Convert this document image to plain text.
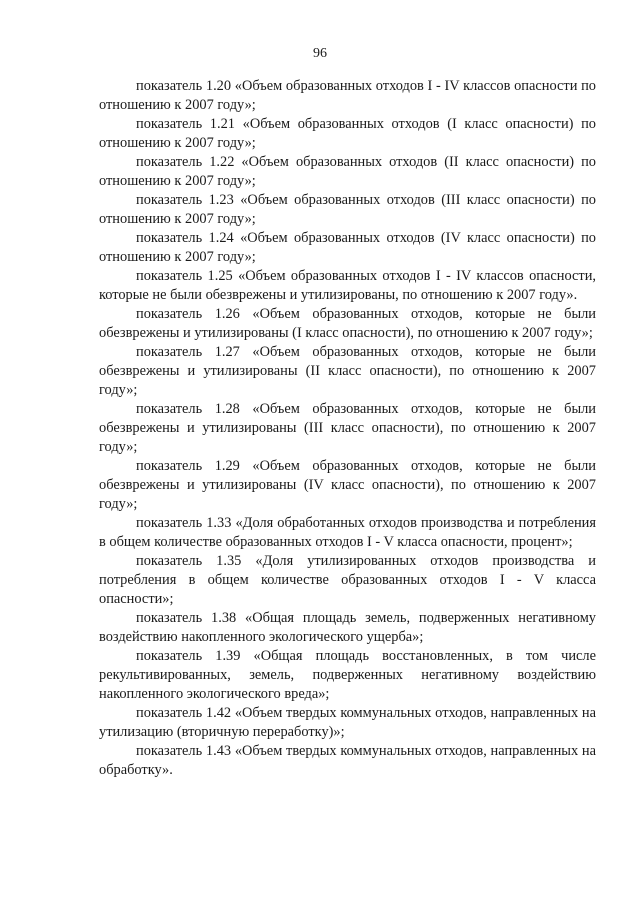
96

показатель 1.20 «Объем образованных отходов I - IV классов опасности по отношению к 2007 году»;

показатель 1.21 «Объем образованных отходов (I класс опасности) по отношению к 2007 году»;

показатель 1.22 «Объем образованных отходов (II класс опасности) по отношению к 2007 году»;

показатель 1.23 «Объем образованных отходов (III класс опасности) по отношению к 2007 году»;

показатель 1.24 «Объем образованных отходов (IV класс опасности) по отношению к 2007 году»;

показатель 1.25 «Объем образованных отходов I - IV классов опасности, которые не были обезврежены и утилизированы, по отношению к 2007 году».

показатель 1.26 «Объем образованных отходов, которые не были обезврежены и утилизированы (I класс опасности), по отношению к 2007 году»;

показатель 1.27 «Объем образованных отходов, которые не были обезврежены и утилизированы (II класс опасности), по отношению к 2007 году»;

показатель 1.28 «Объем образованных отходов, которые не были обезврежены и утилизированы (III класс опасности), по отношению к 2007 году»;

показатель 1.29 «Объем образованных отходов, которые не были обезврежены и утилизированы (IV класс опасности), по отношению к 2007 году»;

показатель 1.33 «Доля обработанных отходов производства и потребления в общем количестве образованных отходов I - V класса опасности, процент»;

показатель 1.35 «Доля утилизированных отходов производства и потребления в общем количестве образованных отходов I - V класса опасности»;

показатель 1.38 «Общая площадь земель, подверженных негативному воздействию накопленного экологического ущерба»;

показатель 1.39 «Общая площадь восстановленных, в том числе рекультивированных, земель, подверженных негативному воздействию накопленного экологического вреда»;

показатель 1.42 «Объем твердых коммунальных отходов, направленных на утилизацию (вторичную переработку)»;

показатель 1.43 «Объем твердых коммунальных отходов, направленных на обработку».
